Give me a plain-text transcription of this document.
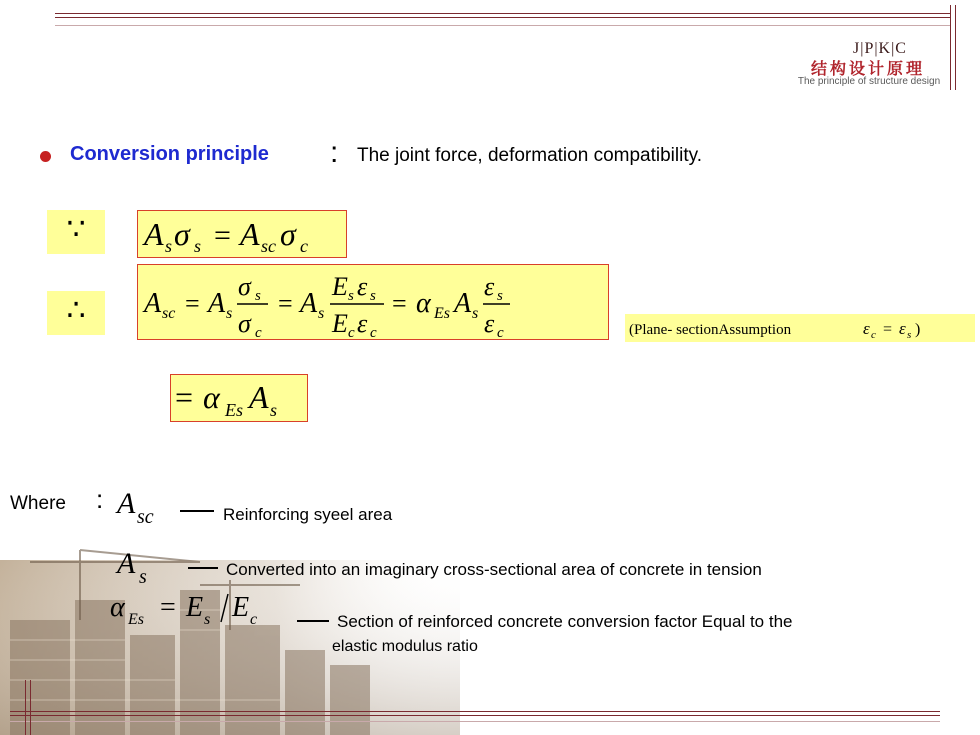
J|P|K|C
结构设计原理
The principle of structure design
Conversion principle : The joint force, deformation compatibility.
∵
∴
A s σ s = A sc σ c
A sc = A s
σ s
σ c
= A s
E s ε s
E c ε c
= α Es A s
ε s
ε c	(Plane- sectionAssumption	ε c = ε s )
= α Es A s
Where : A sc	Reinforcing syeel area
A s	Converted into an imaginary cross-sectional area of concrete in tension
α Es = E s E c	Section of reinforced concrete conversion factor Equal to the
elastic modulus ratio
